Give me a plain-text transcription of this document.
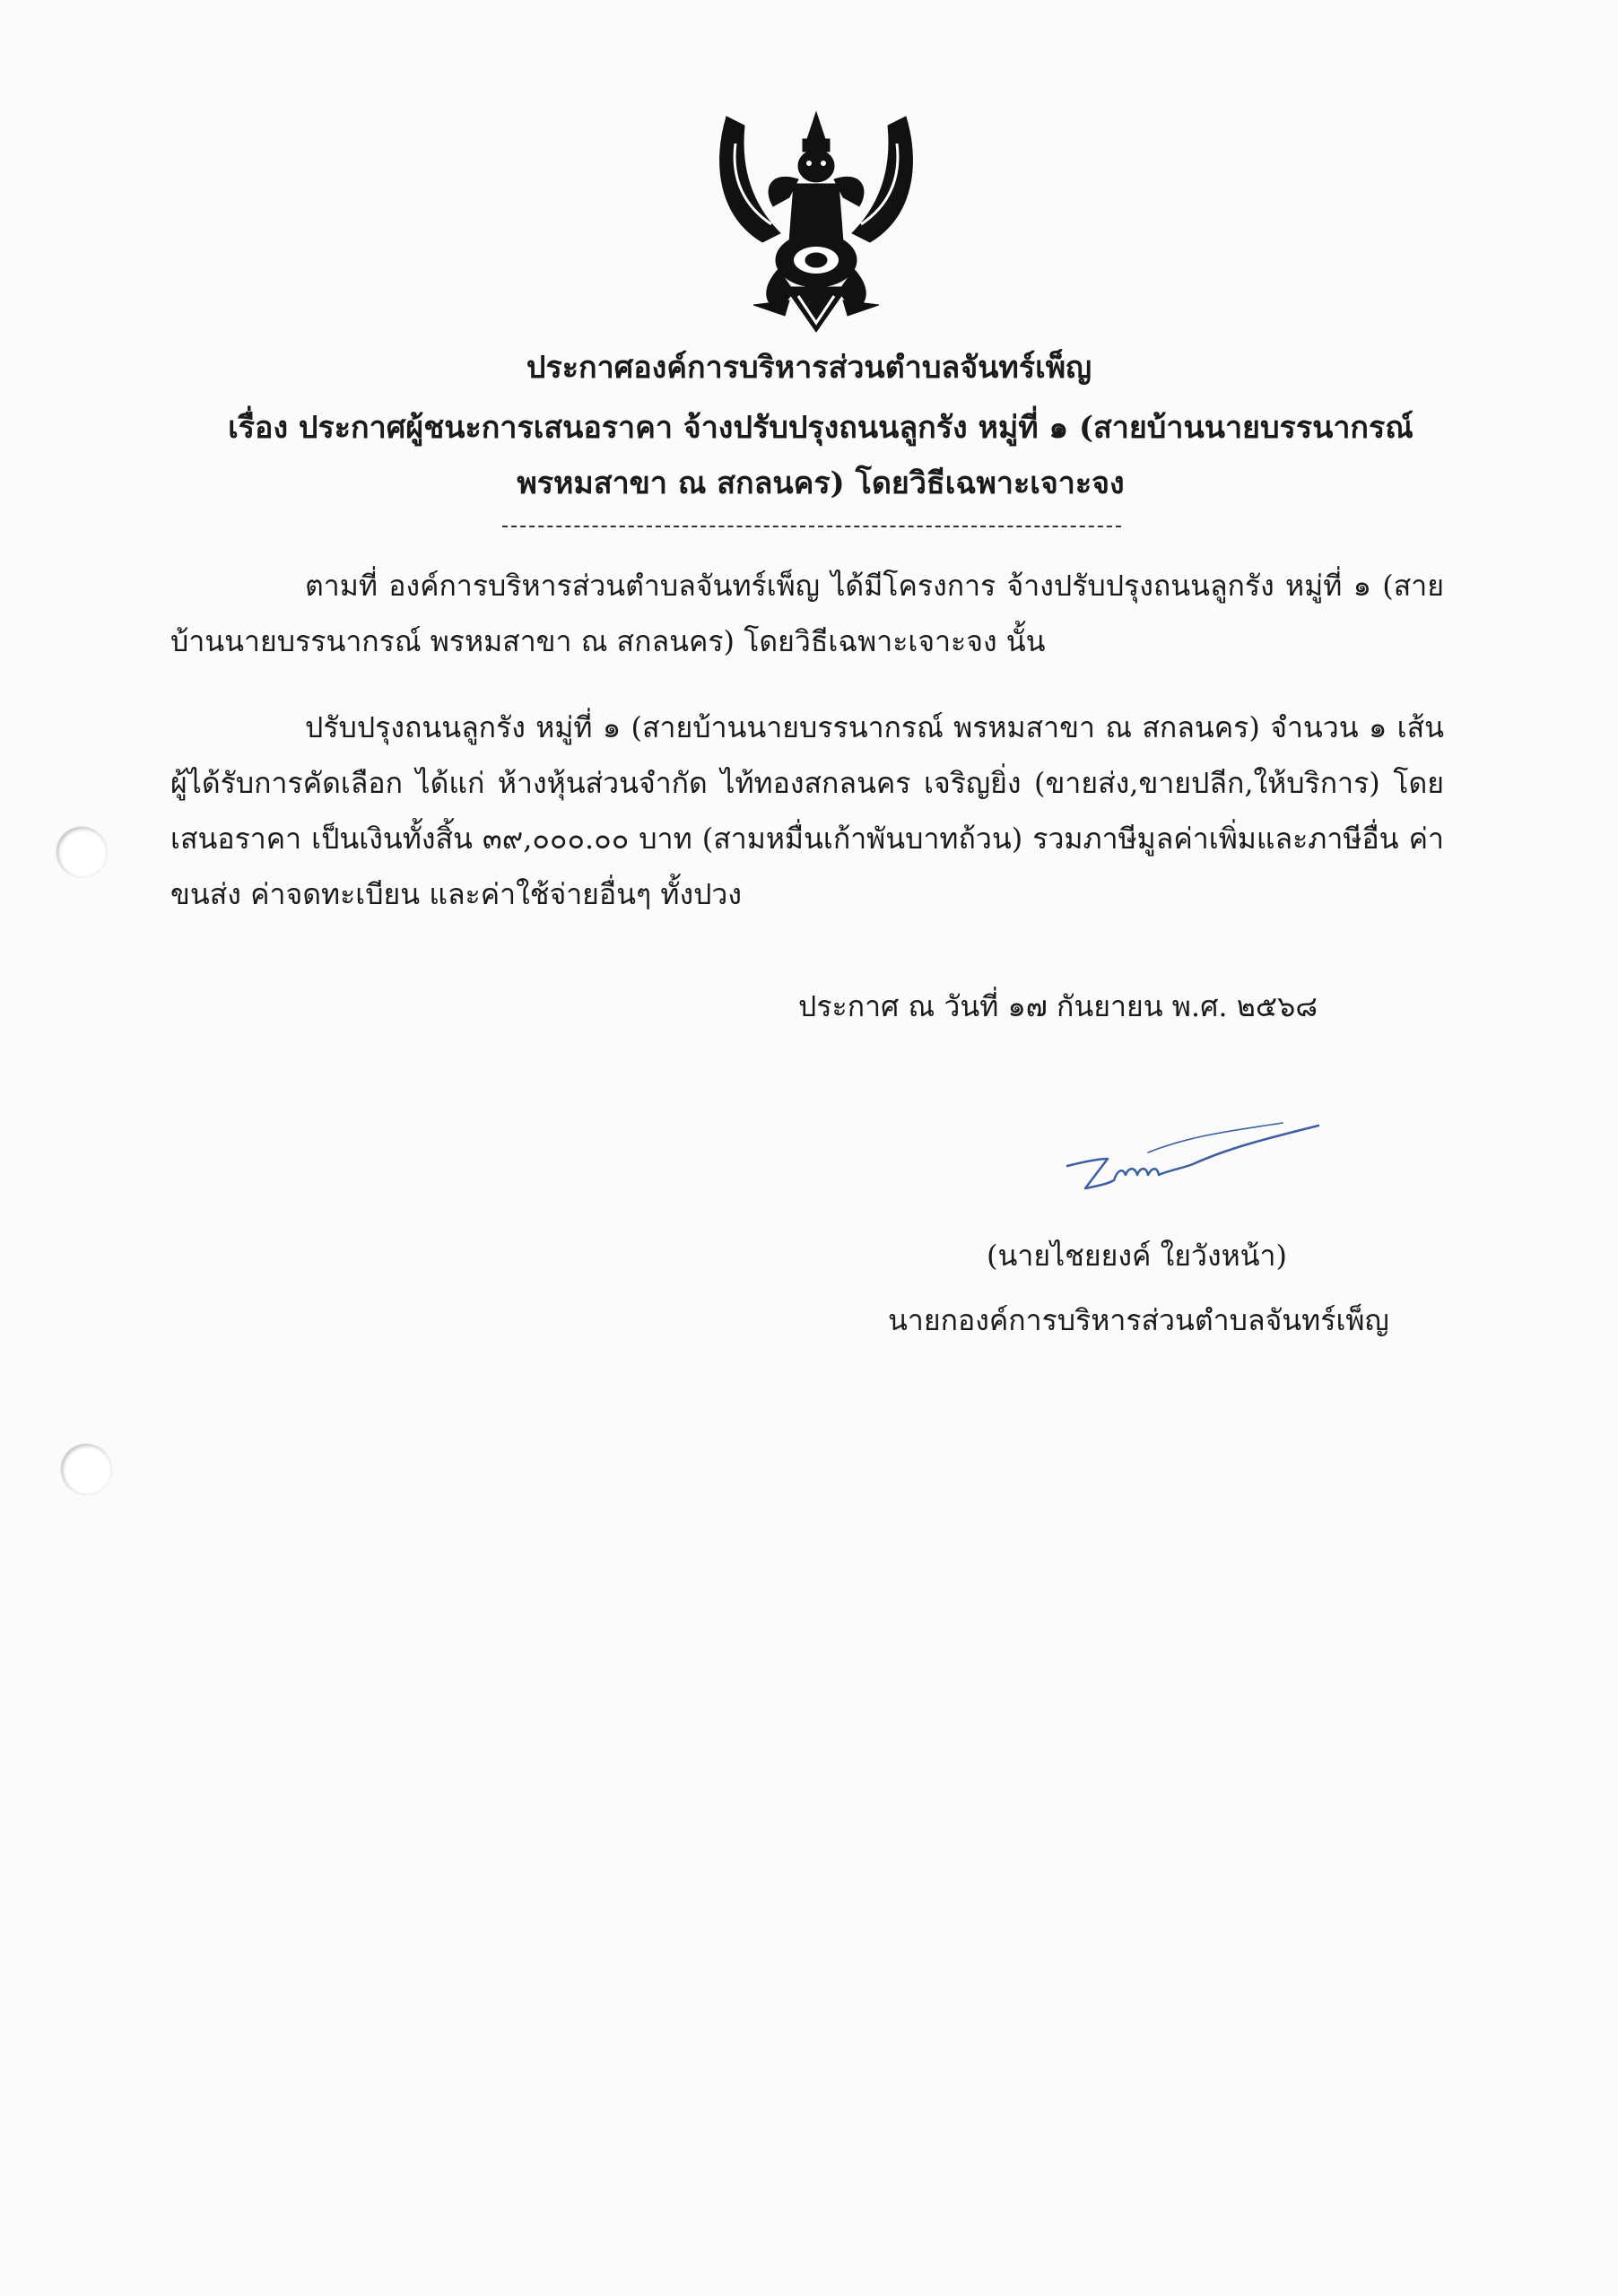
ประกาศองค์การบริหารส่วนตำบลจันทร์เพ็ญ
เรื่อง ประกาศผู้ชนะการเสนอราคา จ้างปรับปรุงถนนลูกรัง หมู่ที่ ๑ (สายบ้านนายบรรนากรณ์ พรหมสาขา ณ สกลนคร) โดยวิธีเฉพาะเจาะจง
ตามที่ องค์การบริหารส่วนตำบลจันทร์เพ็ญ ได้มีโครงการ จ้างปรับปรุงถนนลูกรัง หมู่ที่ ๑ (สายบ้านนายบรรนากรณ์ พรหมสาขา ณ สกลนคร) โดยวิธีเฉพาะเจาะจง นั้น
ปรับปรุงถนนลูกรัง หมู่ที่ ๑ (สายบ้านนายบรรนากรณ์ พรหมสาขา ณ สกลนคร) จำนวน ๑ เส้น ผู้ได้รับการคัดเลือก ได้แก่ ห้างหุ้นส่วนจำกัด ไท้ทองสกลนคร เจริญยิ่ง (ขายส่ง,ขายปลีก,ให้บริการ) โดยเสนอราคา เป็นเงินทั้งสิ้น ๓๙,๐๐๐.๐๐ บาท (สามหมื่นเก้าพันบาทถ้วน) รวมภาษีมูลค่าเพิ่มและภาษีอื่น ค่าขนส่ง ค่าจดทะเบียน และค่าใช้จ่ายอื่นๆ ทั้งปวง
ประกาศ ณ วันที่ ๑๗ กันยายน พ.ศ. ๒๕๖๘
(นายไชยยงค์ ใยวังหน้า)
นายกองค์การบริหารส่วนตำบลจันทร์เพ็ญ
